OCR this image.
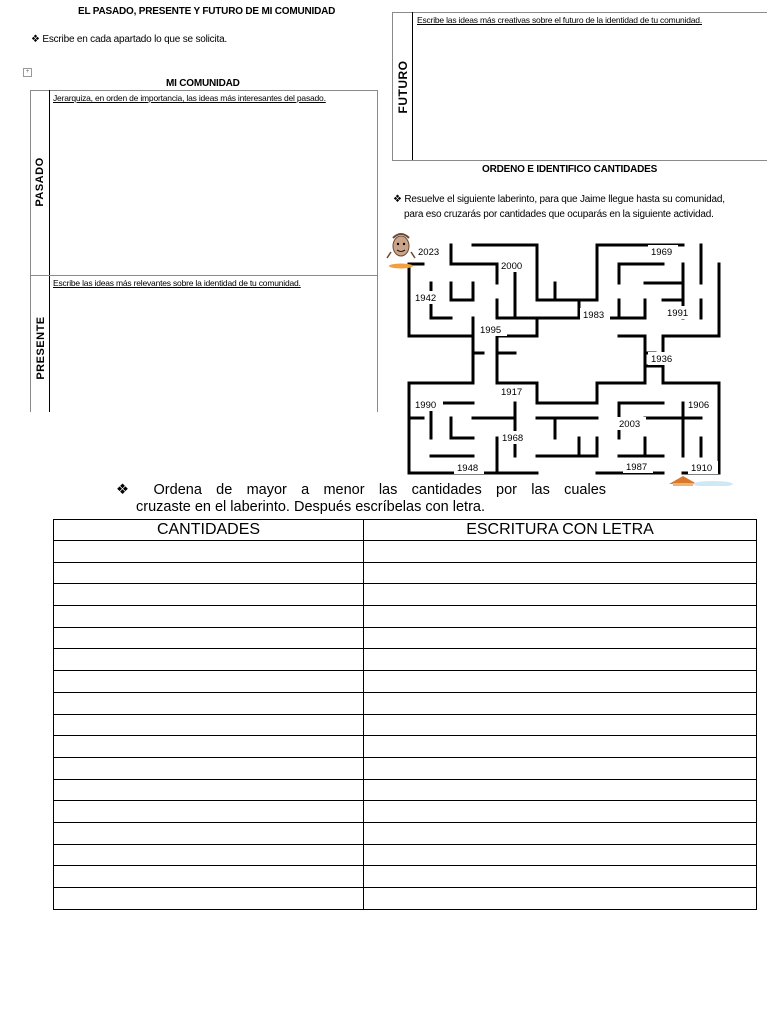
EL PASADO, PRESENTE Y FUTURO DE MI COMUNIDAD
❖ Escribe en cada apartado lo que se solicita.
+
MI COMUNIDAD
PASADO
Jerarquiza, en orden de importancia, las ideas más interesantes del pasado.
PRESENTE
Escribe las ideas más relevantes sobre la identidad de tu comunidad.
FUTURO
Escribe las ideas más creativas sobre el futuro de la identidad de tu comunidad.
ORDENO E IDENTIFICO CANTIDADES
❖ Resuelve el siguiente laberinto, para que Jaime llegue hasta su comunidad,
para eso cruzarás por cantidades que ocuparás en la siguiente actividad.
2023
2000
1969
1942
1983	1991
1995
1936
1917
1990	1906
2003
1968
1948	1987	1910
❖ Ordena de mayor a menor las cantidades por las cuales
cruzaste en el laberinto. Después escríbelas con letra.
CANTIDADES	ESCRITURA CON LETRA
